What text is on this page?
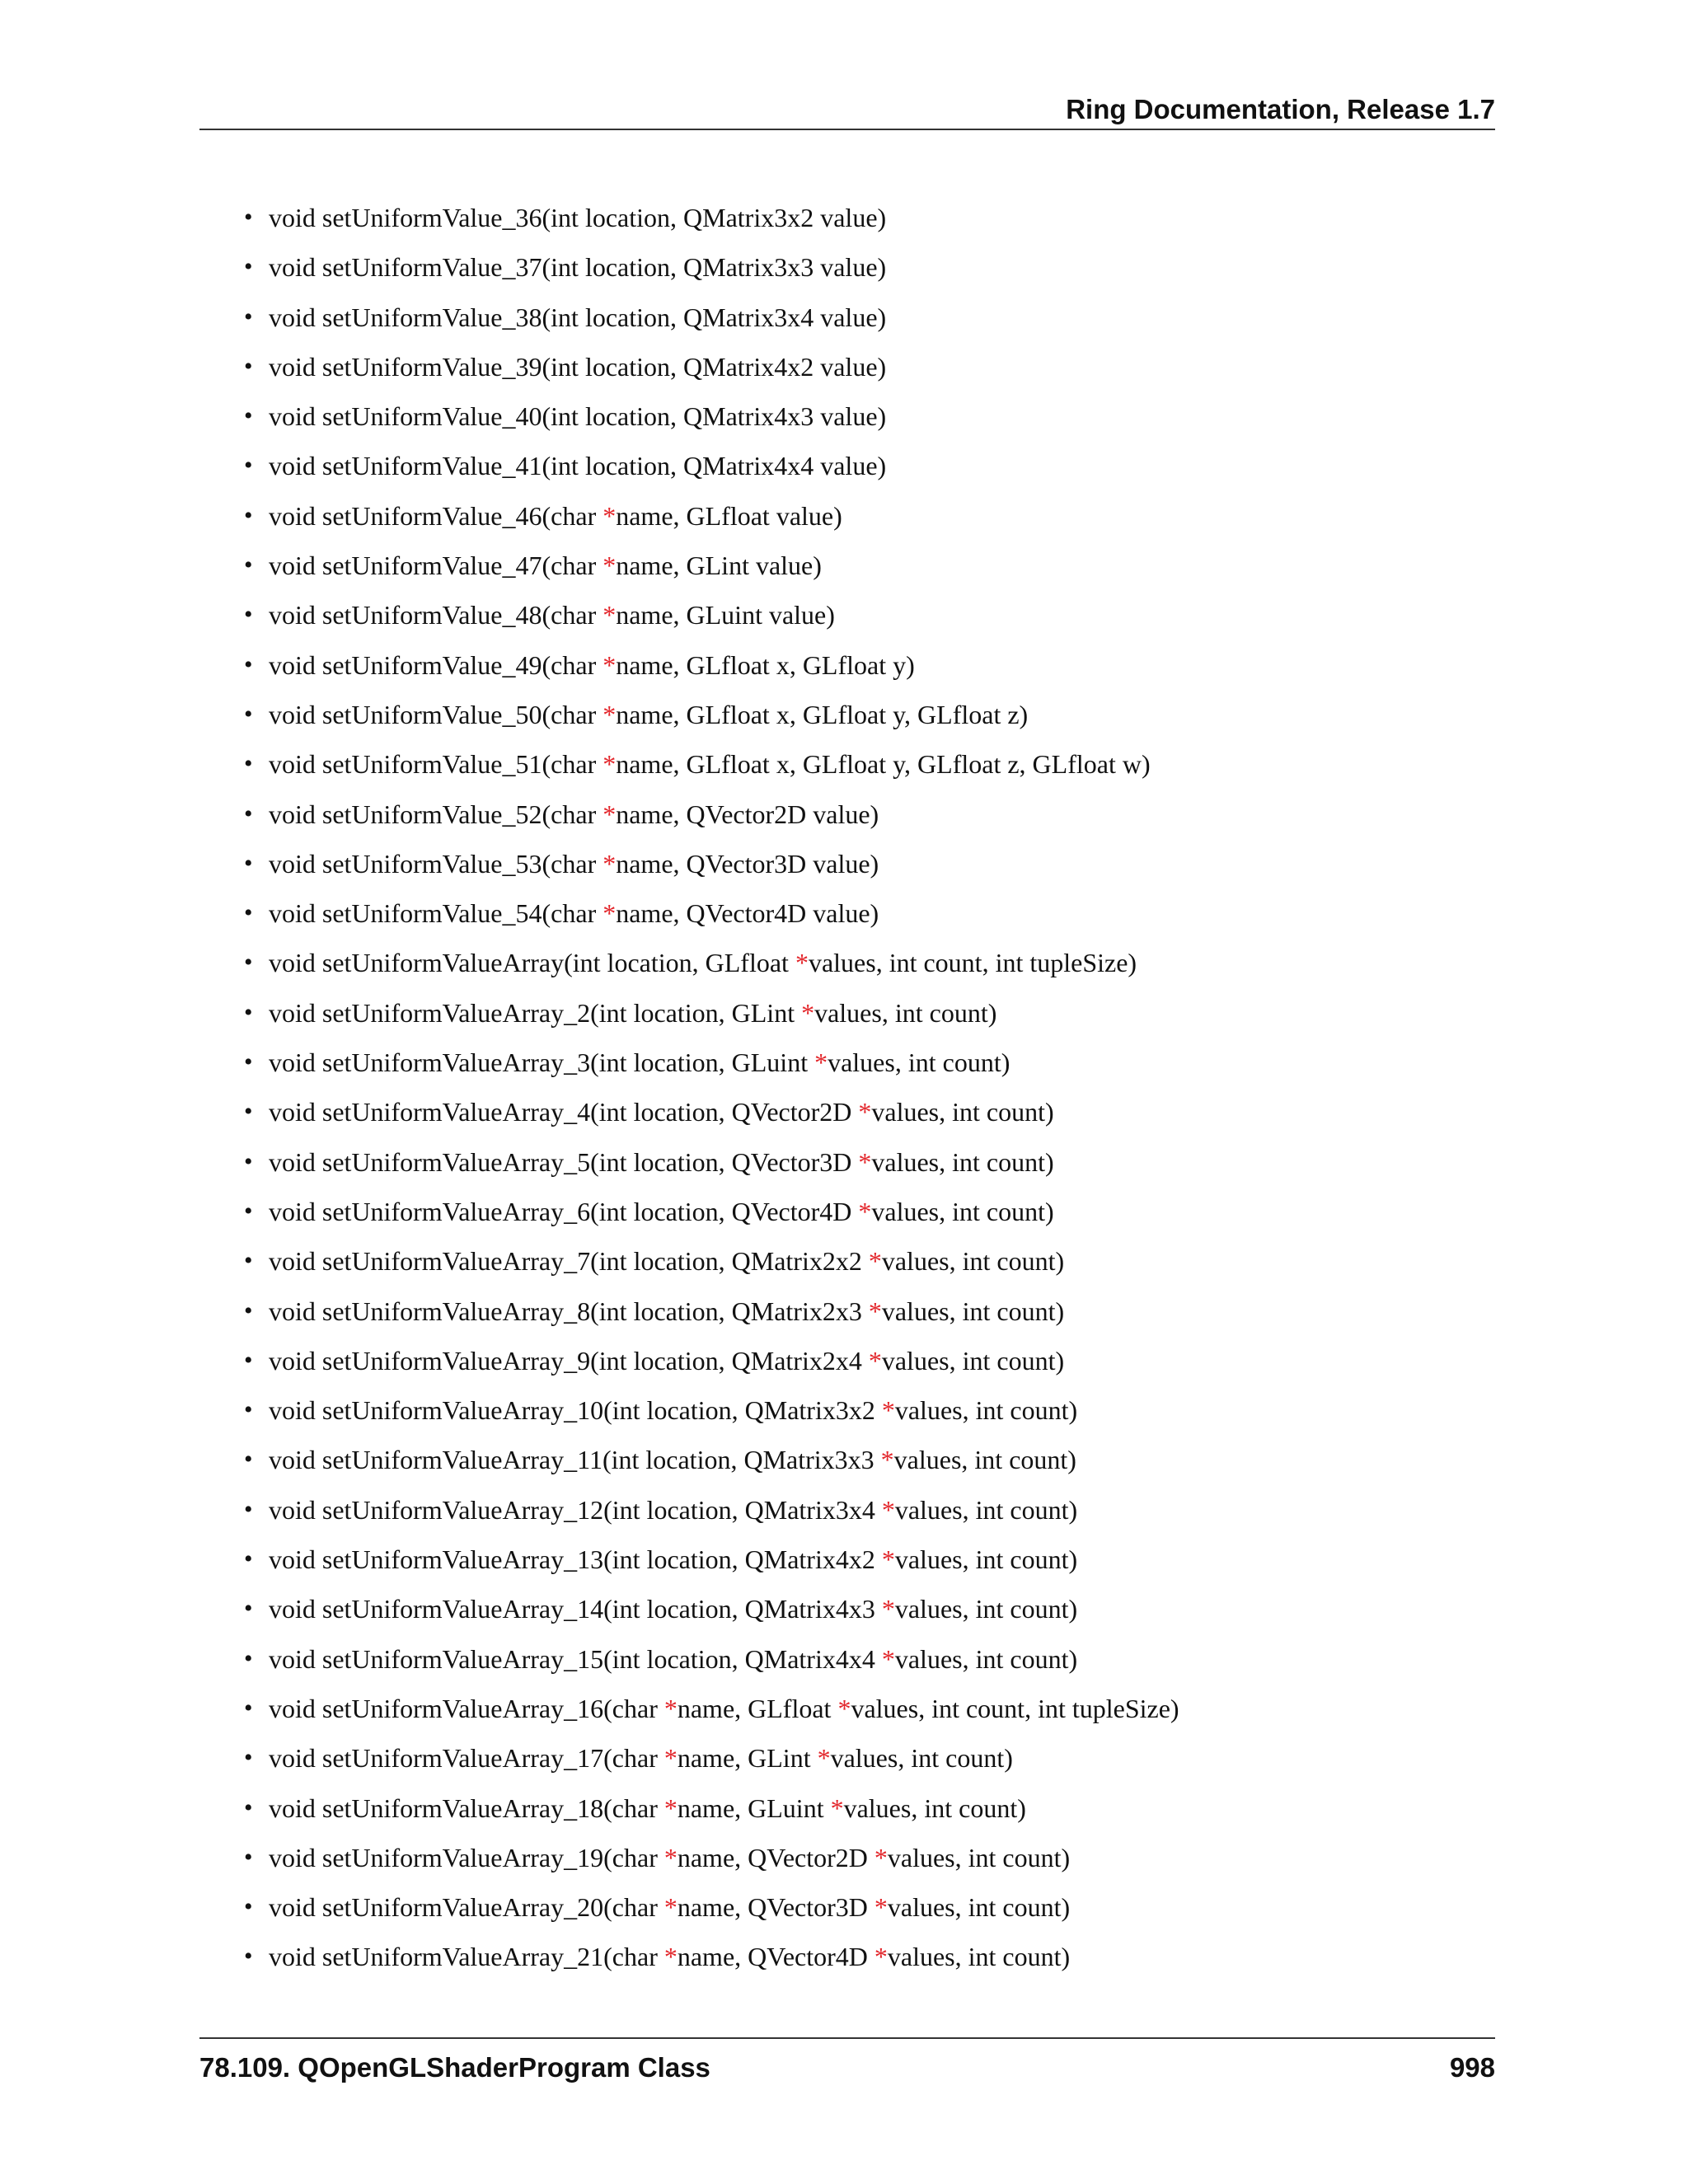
Ring Documentation, Release 1.7
• void setUniformValue_36(int location, QMatrix3x2 value)
• void setUniformValue_37(int location, QMatrix3x3 value)
• void setUniformValue_38(int location, QMatrix3x4 value)
• void setUniformValue_39(int location, QMatrix4x2 value)
• void setUniformValue_40(int location, QMatrix4x3 value)
• void setUniformValue_41(int location, QMatrix4x4 value)
• void setUniformValue_46(char *name, GLfloat value)
• void setUniformValue_47(char *name, GLint value)
• void setUniformValue_48(char *name, GLuint value)
• void setUniformValue_49(char *name, GLfloat x, GLfloat y)
• void setUniformValue_50(char *name, GLfloat x, GLfloat y, GLfloat z)
• void setUniformValue_51(char *name, GLfloat x, GLfloat y, GLfloat z, GLfloat w)
• void setUniformValue_52(char *name, QVector2D value)
• void setUniformValue_53(char *name, QVector3D value)
• void setUniformValue_54(char *name, QVector4D value)
• void setUniformValueArray(int location, GLfloat *values, int count, int tupleSize)
• void setUniformValueArray_2(int location, GLint *values, int count)
• void setUniformValueArray_3(int location, GLuint *values, int count)
• void setUniformValueArray_4(int location, QVector2D *values, int count)
• void setUniformValueArray_5(int location, QVector3D *values, int count)
• void setUniformValueArray_6(int location, QVector4D *values, int count)
• void setUniformValueArray_7(int location, QMatrix2x2 *values, int count)
• void setUniformValueArray_8(int location, QMatrix2x3 *values, int count)
• void setUniformValueArray_9(int location, QMatrix2x4 *values, int count)
• void setUniformValueArray_10(int location, QMatrix3x2 *values, int count)
• void setUniformValueArray_11(int location, QMatrix3x3 *values, int count)
• void setUniformValueArray_12(int location, QMatrix3x4 *values, int count)
• void setUniformValueArray_13(int location, QMatrix4x2 *values, int count)
• void setUniformValueArray_14(int location, QMatrix4x3 *values, int count)
• void setUniformValueArray_15(int location, QMatrix4x4 *values, int count)
• void setUniformValueArray_16(char *name, GLfloat *values, int count, int tupleSize)
• void setUniformValueArray_17(char *name, GLint *values, int count)
• void setUniformValueArray_18(char *name, GLuint *values, int count)
• void setUniformValueArray_19(char *name, QVector2D *values, int count)
• void setUniformValueArray_20(char *name, QVector3D *values, int count)
• void setUniformValueArray_21(char *name, QVector4D *values, int count)
78.109. QOpenGLShaderProgram Class	998
